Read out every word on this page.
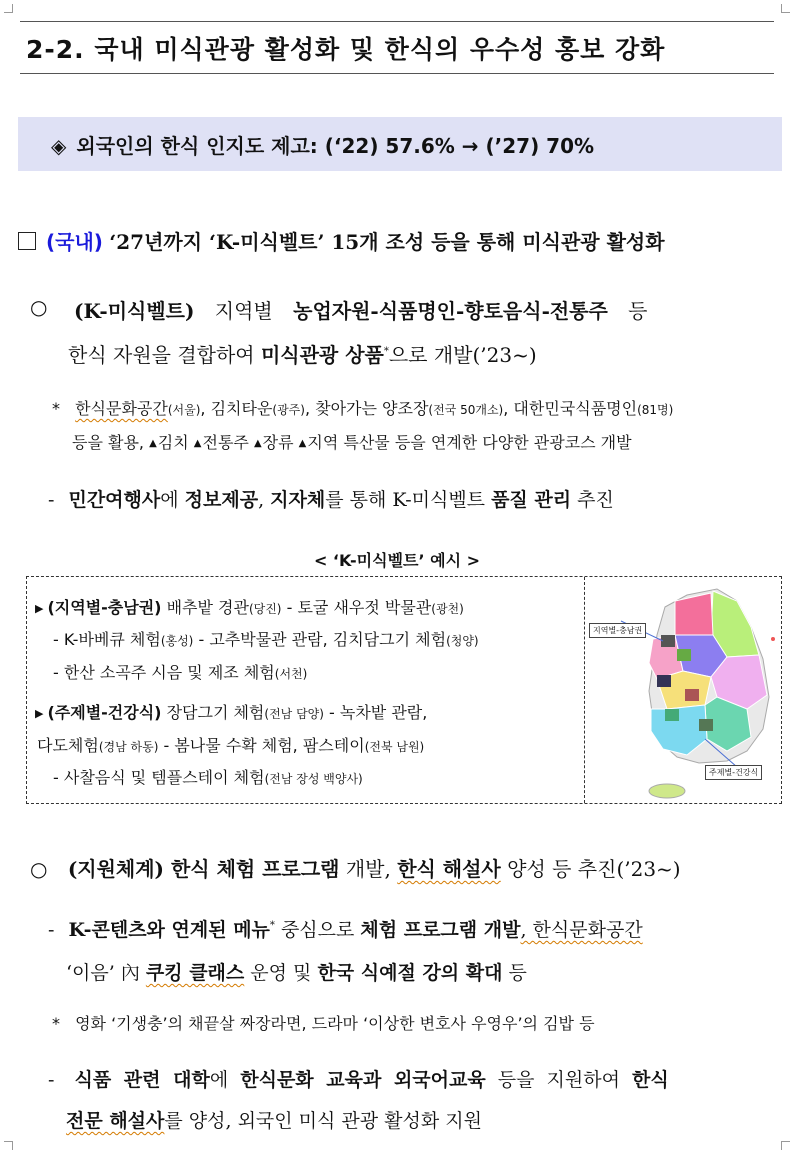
2-2. 국내 미식관광 활성화 및 한식의 우수성 홍보 강화
◈ 외국인의 한식 인지도 제고: (‘22) 57.6% → (’27) 70%
(국내) ‘27년까지 ‘K-미식벨트’ 15개 조성 등을 통해 미식관광 활성화
○ (K-미식벨트) 지역별 농업자원-식품명인-향토음식-전통주 등
한식 자원을 결합하여 미식관광 상품*으로 개발(’23~)
* 한식문화공간(서울), 김치타운(광주), 찾아가는 양조장(전국 50개소), 대한민국식품명인(81명)
등을 활용, ▲김치 ▲전통주 ▲장류 ▲지역 특산물 등을 연계한 다양한 관광코스 개발
- 민간여행사에 정보제공, 지자체를 통해 K-미식벨트 품질 관리 추진
< ‘K-미식벨트’ 예시 >
▶ (지역별-충남권) 배추밭 경관(당진) - 토굴 새우젓 박물관(광천)
- K-바베큐 체험(홍성) - 고추박물관 관람, 김치담그기 체험(청양)
- 한산 소곡주 시음 및 제조 체험(서천)
▶ (주제별-건강식) 장담그기 체험(전남 담양) - 녹차밭 관람,
다도체험(경남 하동) - 봄나물 수확 체험, 팜스테이(전북 남원)
- 사찰음식 및 템플스테이 체험(전남 장성 백양사)
지역별-충남권
주제별-건강식
○ (지원체계) 한식 체험 프로그램 개발, 한식 해설사 양성 등 추진(’23~)
- K-콘텐츠와 연계된 메뉴* 중심으로 체험 프로그램 개발, 한식문화공간
‘이음’ 內 쿠킹 클래스 운영 및 한국 식예절 강의 확대 등
* 영화 ‘기생충’의 채끝살 짜장라면, 드라마 ‘이상한 변호사 우영우’의 김밥 등
- 식품 관련 대학에 한식문화 교육과 외국어교육 등을 지원하여 한식
전문 해설사를 양성, 외국인 미식 관광 활성화 지원
